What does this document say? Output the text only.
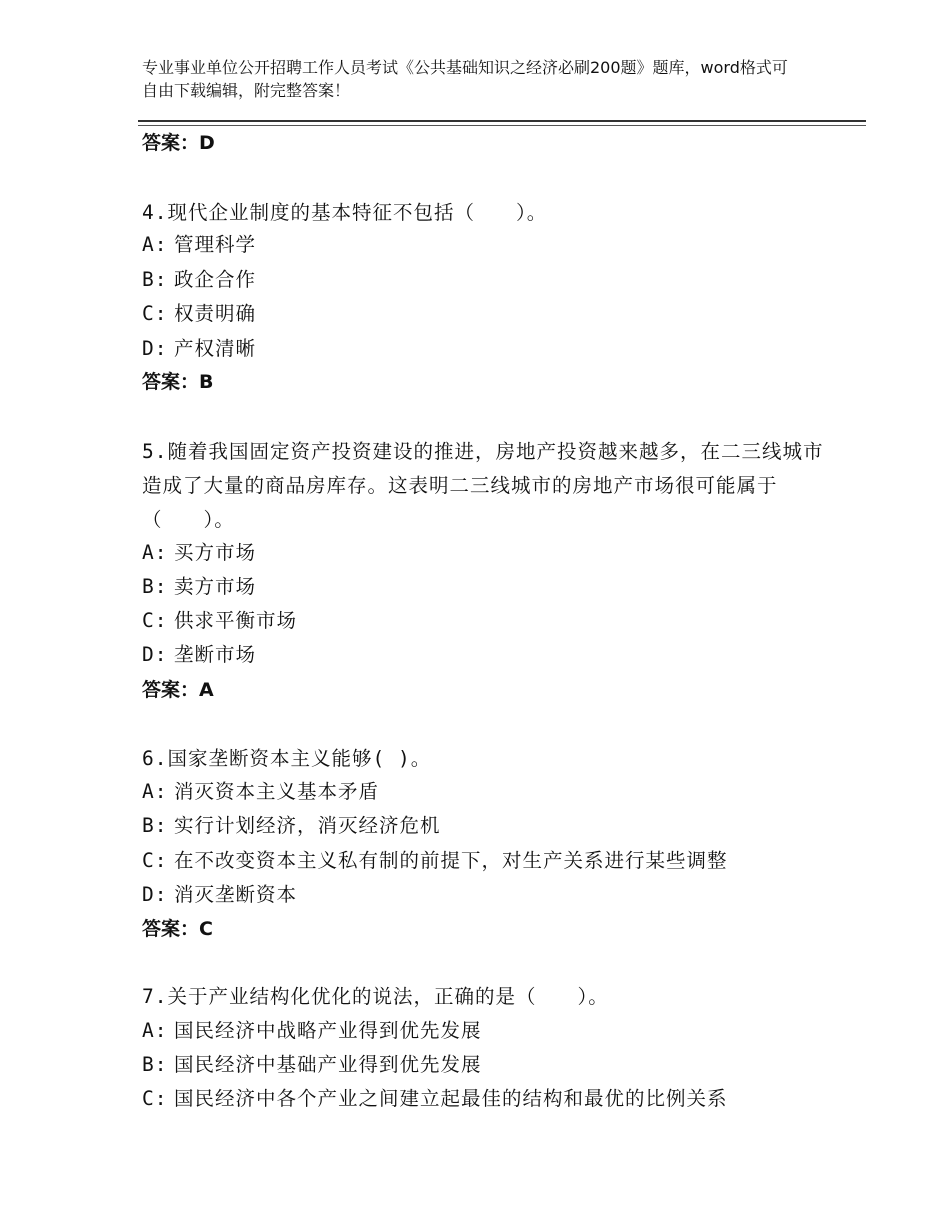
专业事业单位公开招聘工作人员考试《公共基础知识之经济必刷200题》题库，word格式可自由下载编辑，附完整答案！
答案：D
4.现代企业制度的基本特征不包括（　　）。
A: 管理科学
B: 政企合作
C: 权责明确
D: 产权清晰
答案：B
5.随着我国固定资产投资建设的推进，房地产投资越来越多，在二三线城市造成了大量的商品房库存。这表明二三线城市的房地产市场很可能属于（　　）。
A: 买方市场
B: 卖方市场
C: 供求平衡市场
D: 垄断市场
答案：A
6.国家垄断资本主义能够( )。
A: 消灭资本主义基本矛盾
B: 实行计划经济，消灭经济危机
C: 在不改变资本主义私有制的前提下，对生产关系进行某些调整
D: 消灭垄断资本
答案：C
7.关于产业结构化优化的说法，正确的是（　　）。
A: 国民经济中战略产业得到优先发展
B: 国民经济中基础产业得到优先发展
C: 国民经济中各个产业之间建立起最佳的结构和最优的比例关系
